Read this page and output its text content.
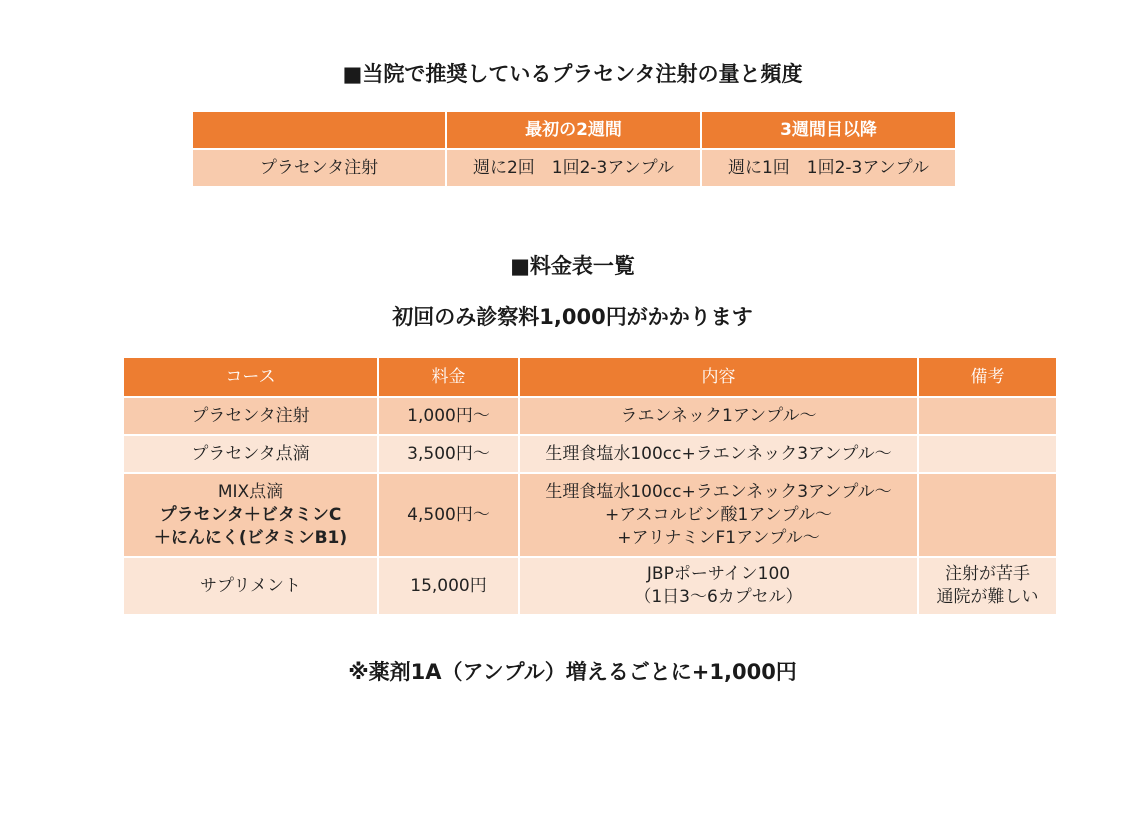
■当院で推奨しているプラセンタ注射の量と頻度
	最初の2週間	3週間目以降
プラセンタ注射	週に2回　1回2-3アンプル	週に1回　1回2-3アンプル
■料金表一覧
初回のみ診察料1,000円がかかります
コース	料金	内容	備考

プラセンタ注射	1,000円～	ラエンネック1アンプル～	

プラセンタ点滴	3,500円～	生理食塩水100cc+ラエンネック3アンプル～	

MIX点滴
プラセンタ＋ビタミンC
＋にんにく(ビタミンB1)	4,500円～	生理食塩水100cc+ラエンネック3アンプル～
+アスコルビン酸1アンプル～
+アリナミンF1アンプル～	

サプリメント	15,000円	JBPポーサイン100
（1日3～6カプセル）	注射が苦手
通院が難しい
※薬剤1A（アンプル）増えるごとに+1,000円
